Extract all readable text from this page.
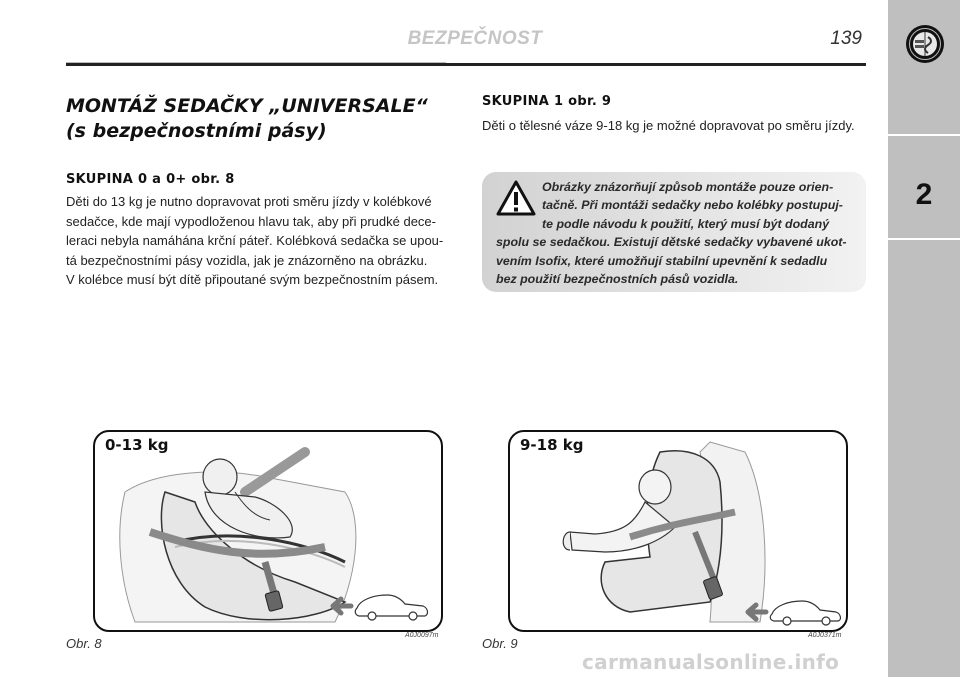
BEZPEČNOST	139
2
MONTÁŽ SEDAČKY „UNIVERSALE“
(s bezpečnostními pásy)
SKUPINA 0 a 0+ obr. 8
Děti do 13 kg je nutno dopravovat proti směru jízdy v kolébkové
sedačce, kde mají vypodloženou hlavu tak, aby při prudké dece-
leraci nebyla namáhána krční páteř. Kolébková sedačka se upou-
tá bezpečnostními pásy vozidla, jak je znázorněno na obrázku.
V kolébce musí být dítě připoutané svým bezpečnostním pásem.
SKUPINA 1 obr. 9
Děti o tělesné váze 9-18 kg je možné dopravovat po směru jízdy.
Obrázky znázorňují způsob montáže pouze orien-
tačně. Při montáži sedačky nebo kolébky postupuj-
te podle návodu k použití, který musí být dodaný
spolu se sedačkou. Existují dětské sedačky vybavené ukot-
vením Isofix, které umožňují stabilní upevnění k sedadlu
bez použití bezpečnostních pásů vozidla.
0-13 kg
Obr. 8
A0J0097m
9-18 kg
Obr. 9
A0J0371m
carmanualsonline.info
